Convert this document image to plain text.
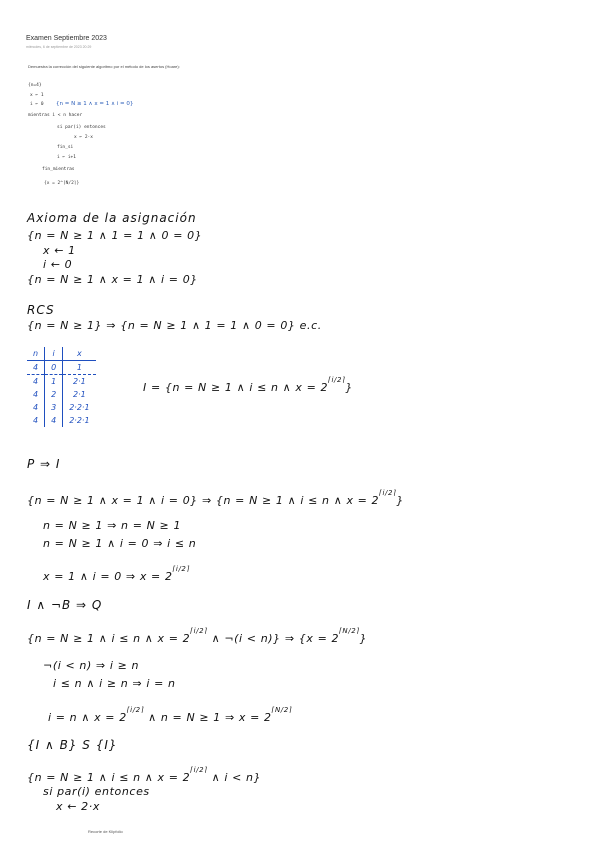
Examen Septiembre 2023
miércoles, 6 de septiembre de 2023 20:29
Demuestra la corrección del siguiente algoritmo por el método de los asertos (Hoare):
{n=4}
x ← 1
i ← 0 {n = N ≥ 1 ∧ x = 1 ∧ i = 0}
mientras i < n hacer
si par(i) entonces
x ← 2·x
fin_si
i ← i+1
fin_mientras
{x = 2^⌈N/2⌉}
Axioma de la asignación
{n = N ≥ 1 ∧ 1 = 1 ∧ 0 = 0}
x ← 1
i ← 0
{n = N ≥ 1 ∧ x = 1 ∧ i = 0}
RCS
{n = N ≥ 1} ⇒ {n = N ≥ 1 ∧ 1 = 1 ∧ 0 = 0} e.c.
n	i	x
4	0	1
4	1	2·1
4	2	2·1
4	3	2·2·1
4	4	2·2·1
I = {n = N ≥ 1 ∧ i ≤ n ∧ $x = 2^{⌈i/2⌉}$}
P ⇒ I
{n = N ≥ 1 ∧ x = 1 ∧ i = 0} ⇒ {n = N ≥ 1 ∧ i ≤ n ∧ $x = 2^{⌈i/2⌉}$}
n = N ≥ 1 ⇒ n = N ≥ 1
n = N ≥ 1 ∧ i = 0 ⇒ i ≤ n
x = 1 ∧ i = 0 ⇒ $x = 2^{⌈i/2⌉}$
I ∧ ¬B ⇒ Q
{n = N ≥ 1 ∧ i ≤ n ∧ $x = 2^{⌈i/2⌉}$ ∧ ¬(i < n)} ⇒ $\{x = 2^{⌈N/2⌉}\}$
¬(i < n) ⇒ i ≥ n
i ≤ n ∧ i ≥ n ⇒ i = n
i = n ∧ $x = 2^{⌈i/2⌉}$ ∧ n = N ≥ 1 ⇒ $x = 2^{⌈N/2⌉}$
{I ∧ B} S {I}
{n = N ≥ 1 ∧ i ≤ n ∧ $x = 2^{⌈i/2⌉}$ ∧ i < n}
si par(i) entonces
x ← 2·x
Recorte de Klipfolio
